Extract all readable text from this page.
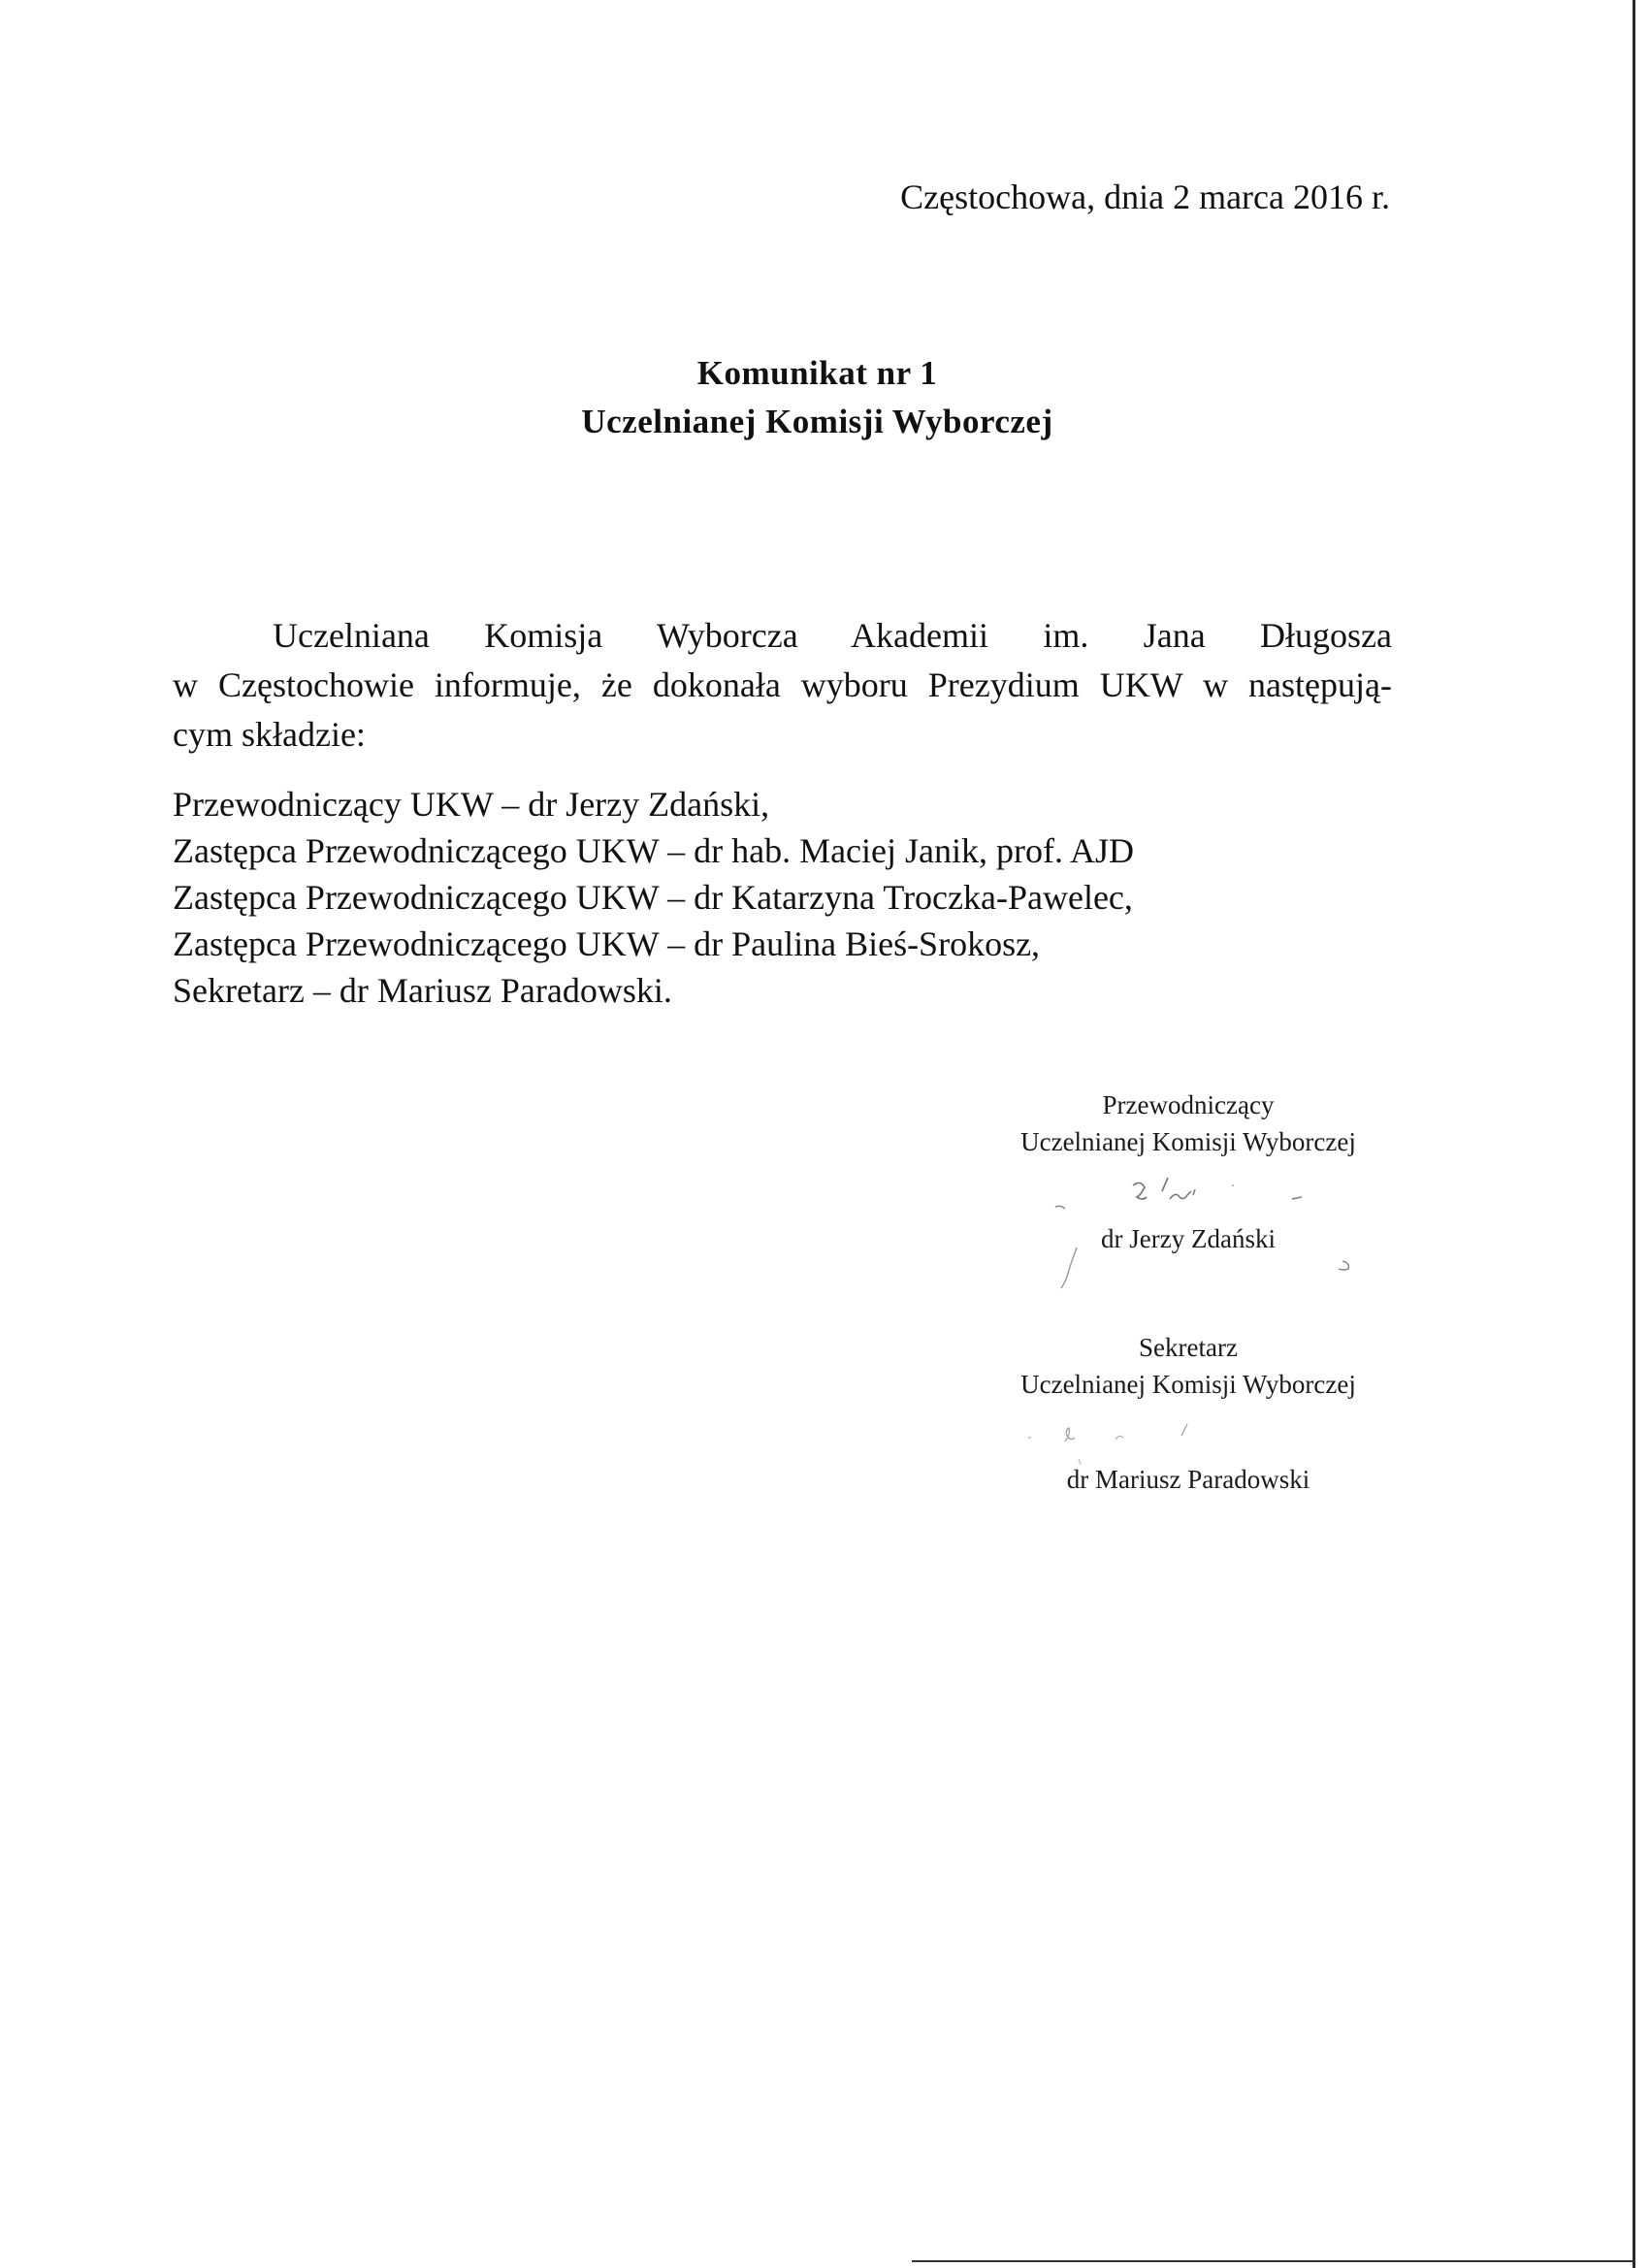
Częstochowa, dnia 2 marca 2016 r.
Komunikat nr 1
Uczelnianej Komisji Wyborczej
Uczelniana Komisja Wyborcza Akademii im. Jana Długosza
w Częstochowie informuje, że dokonała wyboru Prezydium UKW w następują-
cym składzie:
Przewodniczący UKW – dr Jerzy Zdański,
Zastępca Przewodniczącego UKW – dr hab. Maciej Janik, prof. AJD
Zastępca Przewodniczącego UKW – dr Katarzyna Troczka-Pawelec,
Zastępca Przewodniczącego UKW – dr Paulina Bieś-Srokosz,
Sekretarz – dr Mariusz Paradowski.
Przewodniczący
Uczelnianej Komisji Wyborczej
dr Jerzy Zdański
Sekretarz
Uczelnianej Komisji Wyborczej
dr Mariusz Paradowski
